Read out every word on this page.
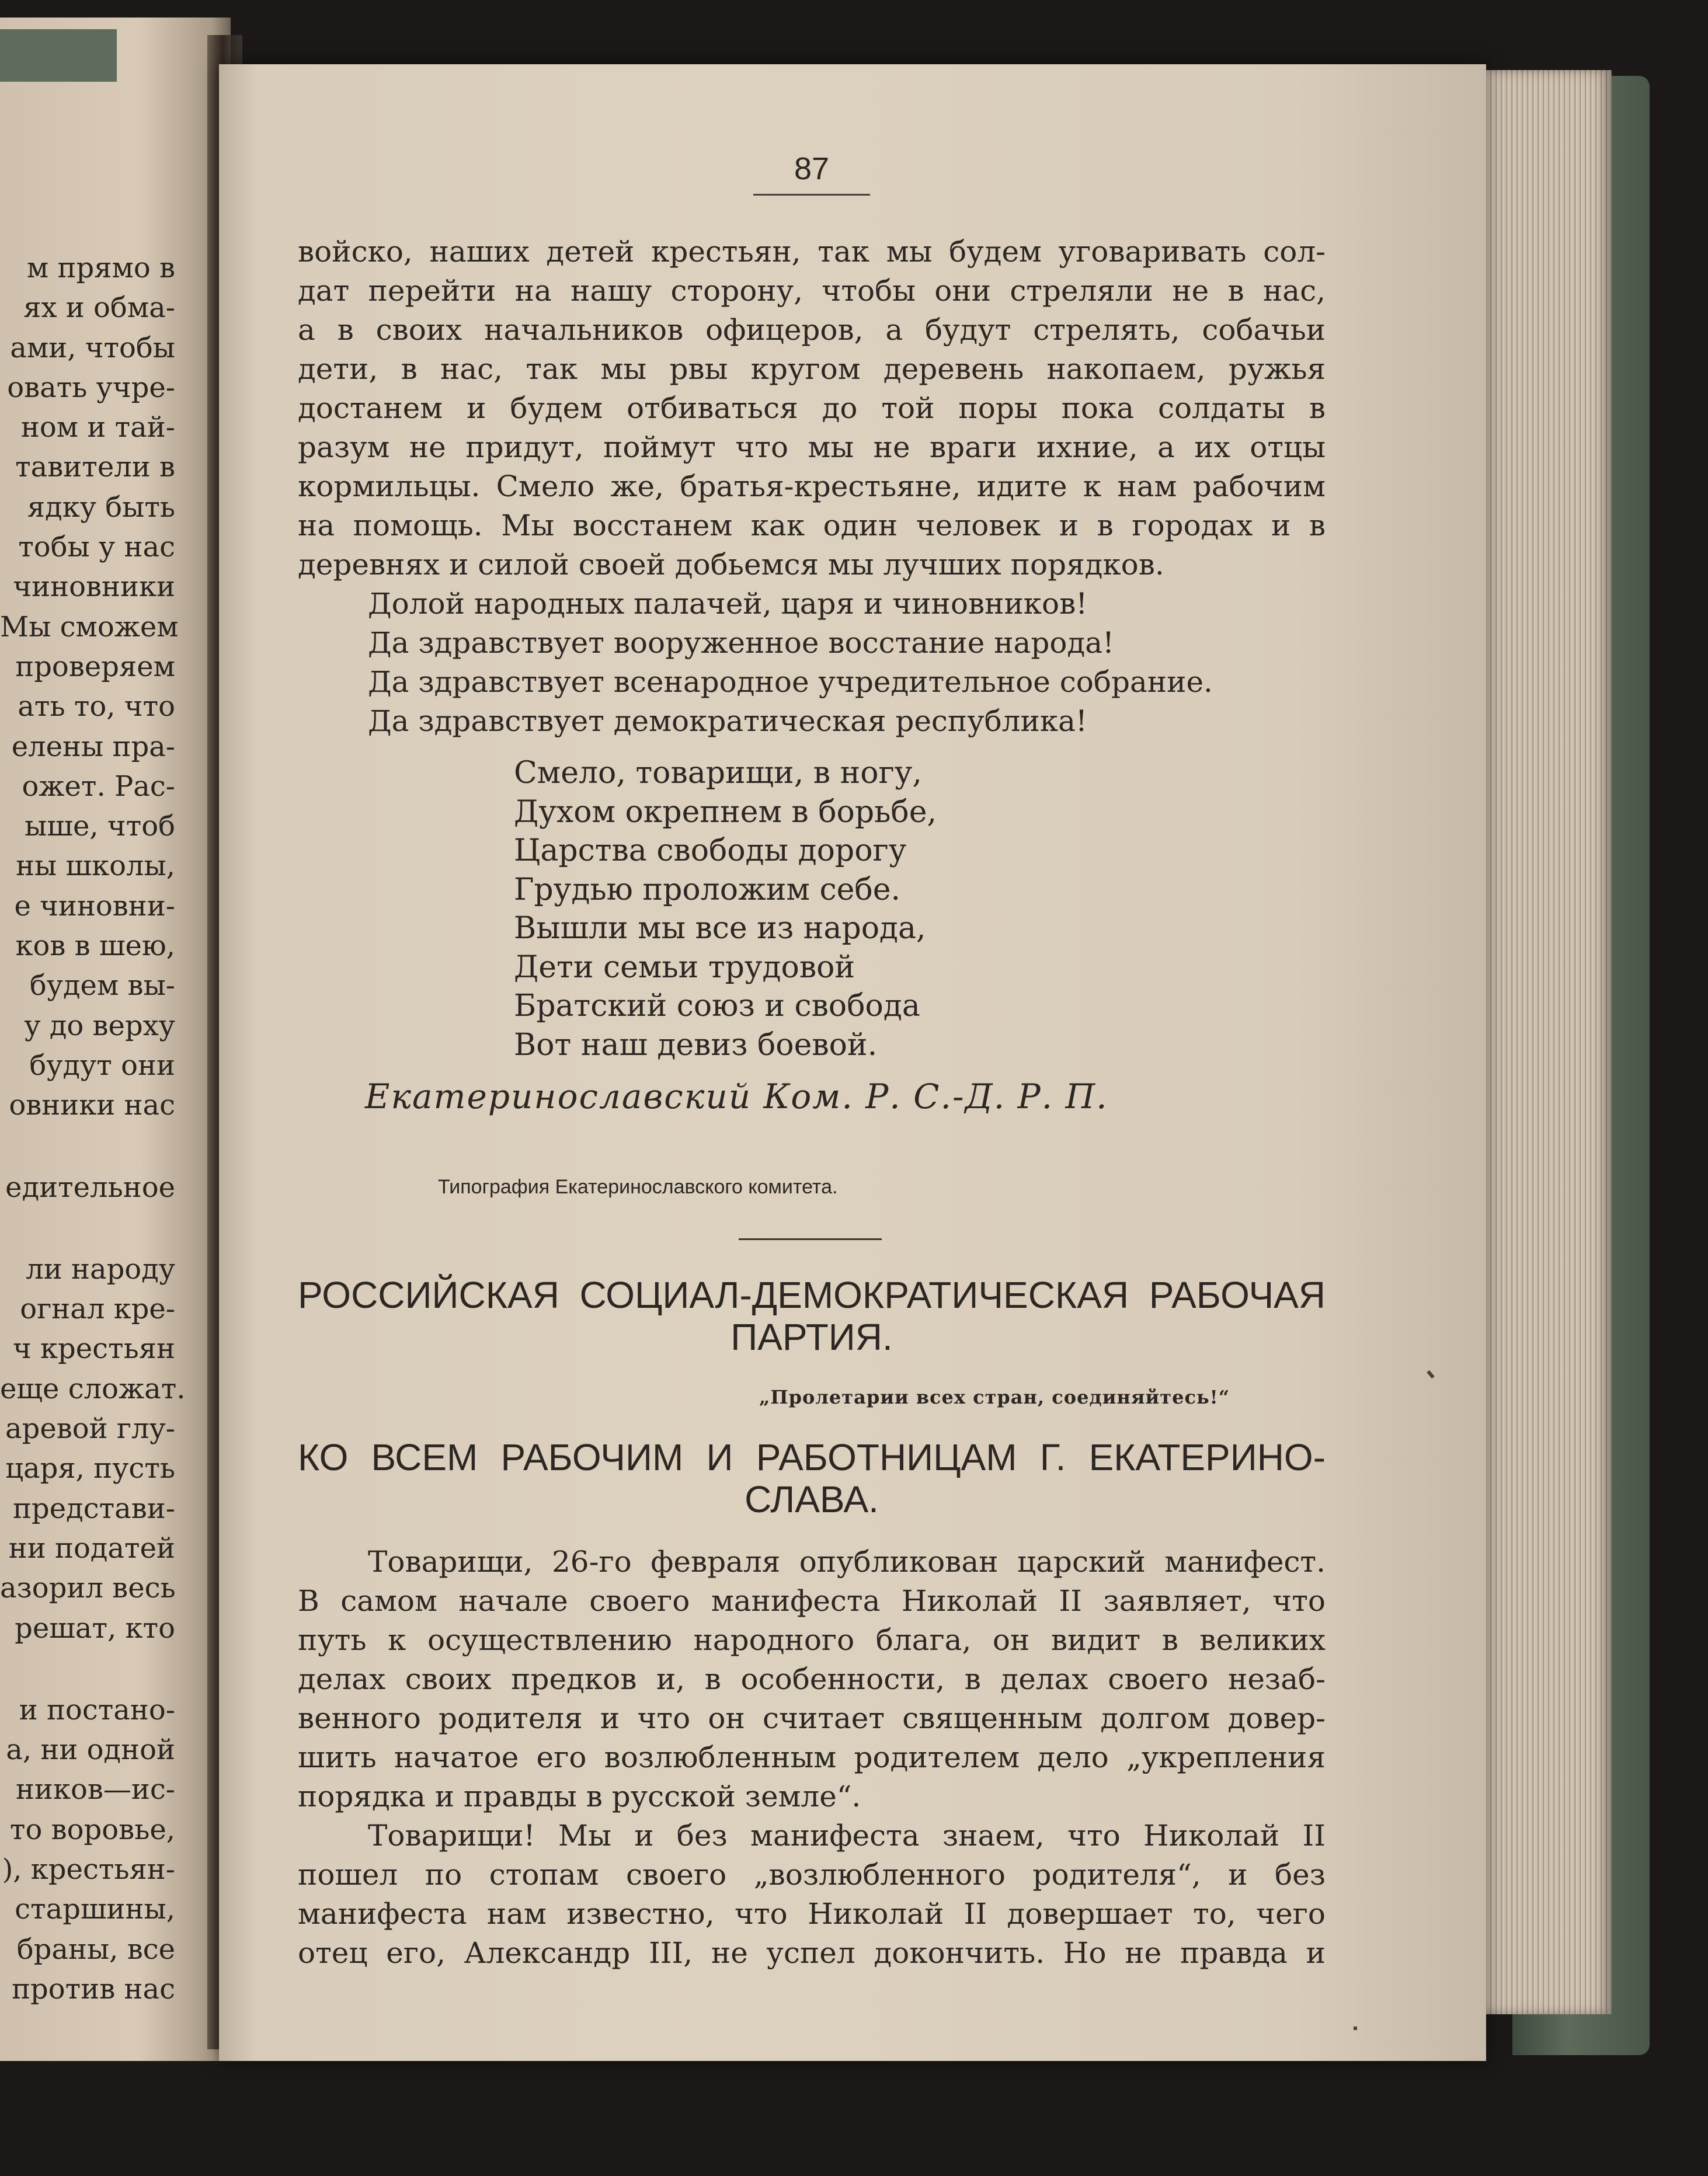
м прямо в
ях и обма-
ами, чтобы
овать учре-
ном и тай-
тавители в
ядку быть
тобы у нас
чиновники
Мы сможем
проверяем
ать то, что
елены пра-
ожет. Рас-
ыше, чтоб
ны школы,
е чиновни-
ков в шею,
будем вы-
у до верху
будут они
овники нас
едительное
ли народу
огнал кре-
ч крестьян
еще сложат.
аревой глу-
царя, пусть
представи-
ни податей
азорил весь
решат, кто
и постано-
а, ни одной
ников—ис-
то воровье,
), крестьян-
старшины,
браны, все
против нас
87
войско, наших детей крестьян, так мы будем уговаривать сол-
дат перейти на нашу сторону, чтобы они стреляли не в нас,
а в своих начальников офицеров, а будут стрелять, собачьи
дети, в нас, так мы рвы кругом деревень накопаем, ружья
достанем и будем отбиваться до той поры пока солдаты в
разум не придут, поймут что мы не враги ихние, а их отцы
кормильцы. Смело же, братья-крестьяне, идите к нам рабочим
на помощь. Мы восстанем как один человек и в городах и в
деревнях и силой своей добьемся мы лучших порядков.
Долой народных палачей, царя и чиновников!
Да здравствует вооруженное восстание народа!
Да здравствует всенародное учредительное собрание.
Да здравствует демократическая республика!
Смело, товарищи, в ногу,
Духом окрепнем в борьбе,
Царства свободы дорогу
Грудью проложим себе.
Вышли мы все из народа,
Дети семьи трудовой
Братский союз и свобода
Вот наш девиз боевой.
Екатеринославский Ком. Р. С.-Д. Р. П.
Типография Екатеринославского комитета.
РОССИЙСКАЯ СОЦИАЛ-ДЕМОКРАТИЧЕСКАЯ РАБОЧАЯ
ПАРТИЯ.
„Пролетарии всех стран, соединяйтесь!“
КО ВСЕМ РАБОЧИМ И РАБОТНИЦАМ Г. ЕКАТЕРИНО-
СЛАВА.
Товарищи, 26-го февраля опубликован царский манифест.
В самом начале своего манифеста Николай II заявляет, что
путь к осуществлению народного блага, он видит в великих
делах своих предков и, в особенности, в делах своего незаб-
венного родителя и что он считает священным долгом довер-
шить начатое его возлюбленным родителем дело „укрепления
порядка и правды в русской земле“.
Товарищи! Мы и без манифеста знаем, что Николай II
пошел по стопам своего „возлюбленного родителя“, и без
манифеста нам известно, что Николай II довершает то, чего
отец его, Александр III, не успел докончить. Но не правда и
